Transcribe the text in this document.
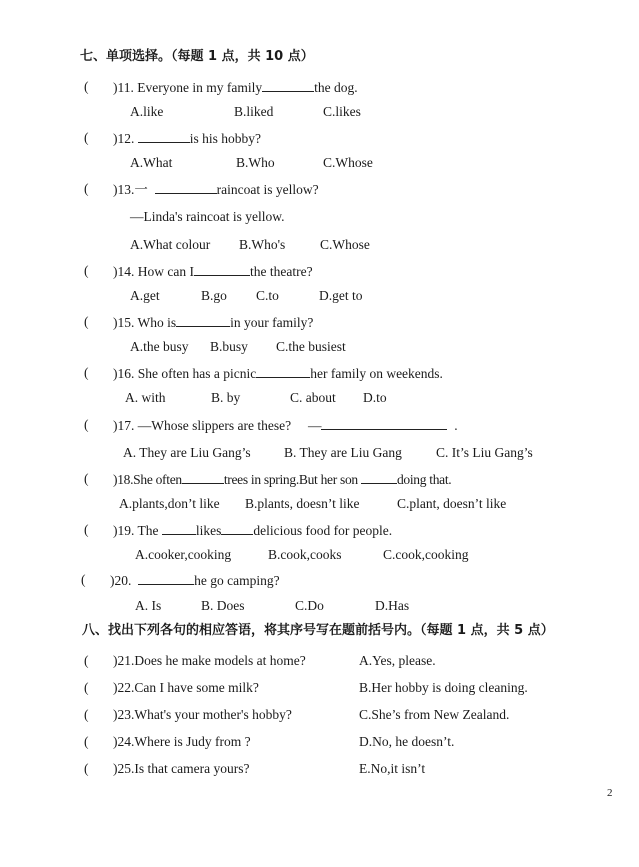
七、单项选择。（每题 1 点，共 10 点）
( )11. Everyone in my family	the dog.
A.like	B.liked	C.likes
( )12.	is his hobby?
A.What	B.Who	C.Whose
( )13.一	raincoat is yellow?
—Linda's raincoat is yellow.
A.What colour B.Who's	C.Whose
( )14. How can I	the theatre?
A.get	B.go C.to	D.get to
( )15. Who is	in your family?
A.the busy B.busy C.the busiest
( )16. She often has a picnic	her family on weekends.
A. with	B. by	C. about D.to
( )17. —Whose slippers are these? —	.
A. They are Liu Gang’s B. They are Liu Gang	C. It’s Liu Gang’s
( )18.She often	trees in spring.But her son	doing that.
A.plants,don’t like B.plants, doesn’t like	C.plant, doesn’t like
( )19. The	likes delicious food for people.
A.cooker,cooking	B.cook,cooks	C.cook,cooking
( )20.	he go camping?
A. Is	B. Does	C.Do	D.Has
八、找出下列各句的相应答语，将其序号写在题前括号内。（每题 1 点，共 5 点）
( )21.Does he make models at home?	A.Yes, please.
( )22.Can I have some milk?	B.Her hobby is doing cleaning.
( )23.What's your mother's hobby?	C.She’s from New Zealand.
( )24.Where is Judy from ?	D.No, he doesn’t.
( )25.Is that camera yours?	E.No,it isn’t
2
